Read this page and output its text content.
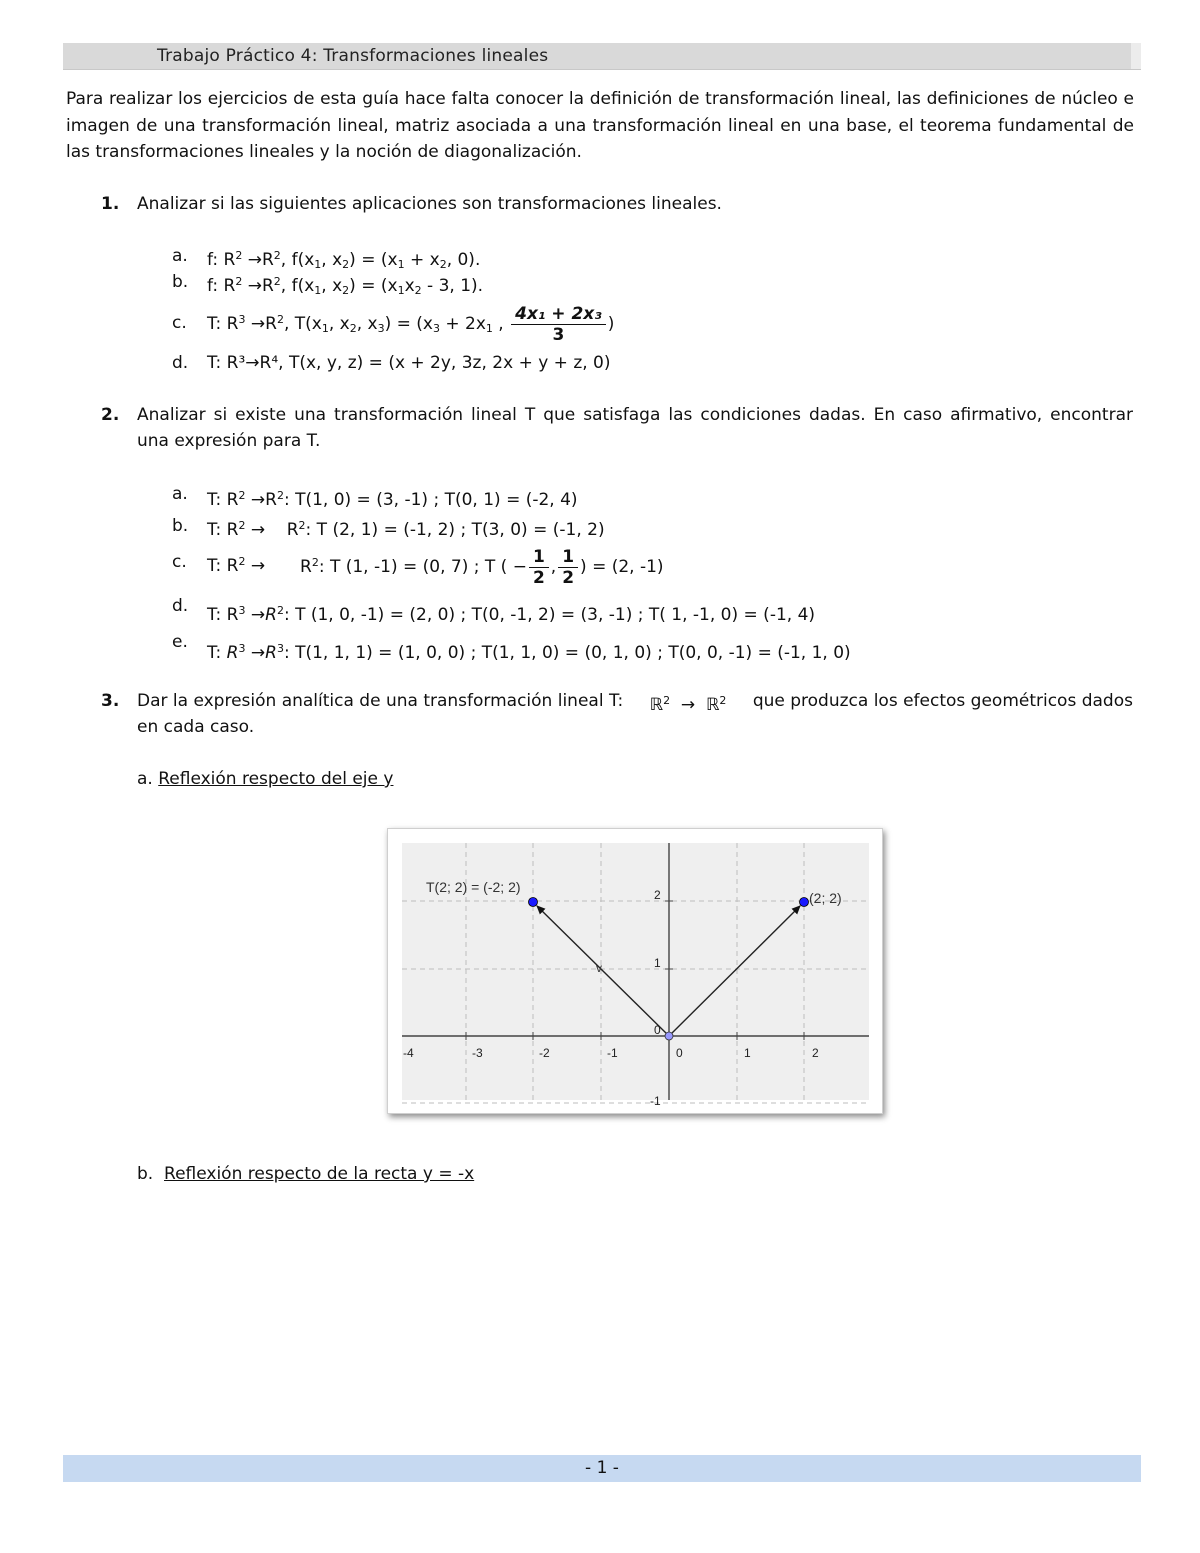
Trabajo Práctico 4: Transformaciones lineales
Para realizar los ejercicios de esta guía hace falta conocer la definición de transformación lineal, las definiciones de núcleo e imagen de una transformación lineal, matriz asociada a una transformación lineal en una base, el teorema fundamental de las transformaciones lineales y la noción de diagonalización.
1. Analizar si las siguientes aplicaciones son transformaciones lineales.
a. f: $R^2 \to R^2$, $f(x_1$, $x_2) = (x_1 + x_2$, 0).
b. f: $R^2 \to R^2$, $f(x_1$, $x_2) = (x_1x_2 - 3$, 1).
c. T: $R^3 \to R^2$, $T(x_1$, $x_2$, $x_3) = (x_3 + 2x_1$ , $\frac{\text{4x₁ + 2x₃}}{3}$ )
d. T: R³→R⁴, T(x, y, z) = (x + 2y, 3z, 2x + y + z, 0)
2. Analizar si existe una transformación lineal T que satisfaga las condiciones dadas. En caso afirmativo, encontrar
una expresión para T.
a. T: $R^2 \to R^2$: T(1, 0) = (3, -1) ; T(0, 1) = (-2, 4)
b. T: $R^2$ →    $R^2$: T (2, 1) = (-1, 2) ; T(3, 0) = (-1, 2)
c. T: $R^2 \to R^2$: T (1, -1) = (0, 7) ; T ( − $\frac{1}{2}$ , $\frac{1}{2}$ ) = (2, -1)
d. T: $R^3 \to R^2$: T (1, 0, -1) = (2, 0) ; T(0, -1, 2) = (3, -1) ; T( 1, -1, 0) = (-1, 4)
e.
T: $R^3 \to R^3$: T(1, 1, 1) = (1, 0, 0) ; T(1, 1, 0) = (0, 1, 0) ; T(0, 0, -1) = (-1, 1, 0)
3. Dar la expresión analítica de una transformación lineal T: ℝ$^2$  →  ℝ$^2$ que produzca los efectos geométricos dados
en cada caso.
a. Reflexión respecto del eje y
-4	-3	-2	-1	0	1	2
2
1
0
-1
T(2; 2) = (-2; 2)
(2; 2)
v
b. Reflexión respecto de la recta y = -x
- 1 -
